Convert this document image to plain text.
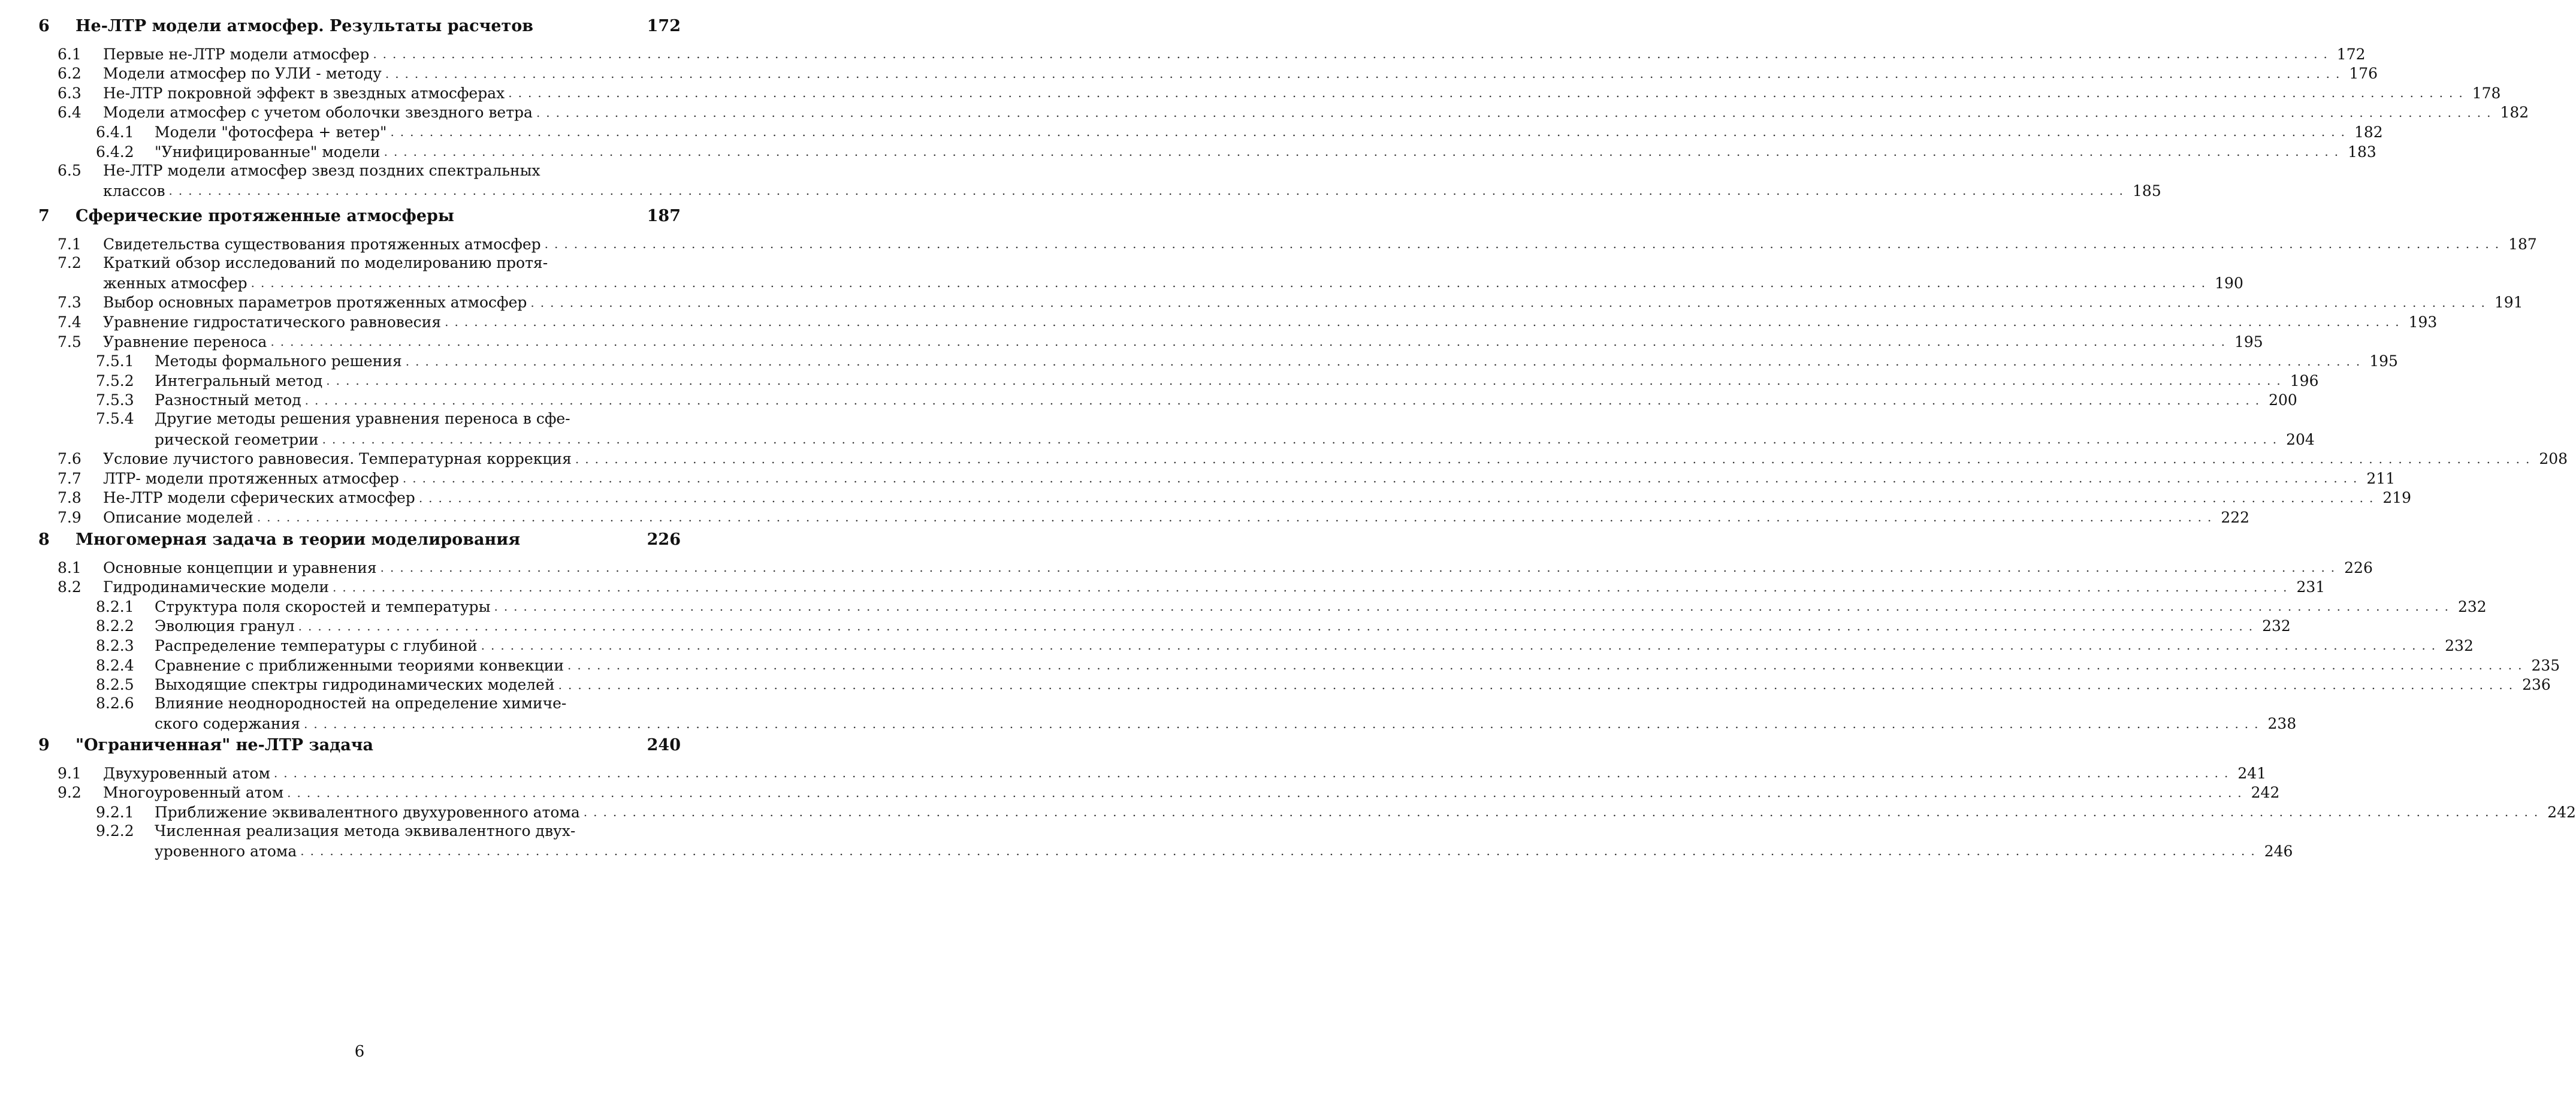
6	Не-ЛТР модели атмосфер. Результаты расчетов	172
6.1	Первые не-ЛТР модели атмосфер ........................................................................................................................................................................................................ 172
6.2	Модели атмосфер по УЛИ - методу ........................................................................................................................................................................................................ 176
6.3	Не-ЛТР покровной эффект в звездных атмосферах ........................................................................................................................................................................................................ 178
6.4	Модели атмосфер с учетом оболочки звездного ветра ........................................................................................................................................................................................................ 182
6.4.1	Модели "фотосфера + ветер" ........................................................................................................................................................................................................ 182
6.4.2	"Унифицированные" модели ........................................................................................................................................................................................................ 183
6.5 Не-ЛТР модели атмосфер звезд поздних спектральных
классов ........................................................................................................................................................................................................ 185
7	Сферические протяженные атмосферы	187
7.1	Свидетельства существования протяженных атмосфер ........................................................................................................................................................................................................ 187
7.2 Краткий обзор исследований по моделированию протя-
женных атмосфер ........................................................................................................................................................................................................ 190
7.3	Выбор основных параметров протяженных атмосфер ........................................................................................................................................................................................................ 191
7.4	Уравнение гидростатического равновесия ........................................................................................................................................................................................................ 193
7.5	Уравнение переноса ........................................................................................................................................................................................................ 195
7.5.1	Методы формального решения ........................................................................................................................................................................................................ 195
7.5.2	Интегральный метод ........................................................................................................................................................................................................ 196
7.5.3	Разностный метод ........................................................................................................................................................................................................ 200
7.5.4 Другие методы решения уравнения переноса в сфе-
рической геометрии ........................................................................................................................................................................................................ 204
7.6	Условие лучистого равновесия. Температурная коррекция ........................................................................................................................................................................................................ 208
7.7	ЛТР- модели протяженных атмосфер ........................................................................................................................................................................................................ 211
7.8	Не-ЛТР модели сферических атмосфер ........................................................................................................................................................................................................ 219
7.9	Описание моделей ........................................................................................................................................................................................................ 222
8	Многомерная задача в теории моделирования	226
8.1	Основные концепции и уравнения ........................................................................................................................................................................................................ 226
8.2	Гидродинамические модели ........................................................................................................................................................................................................ 231
8.2.1	Структура поля скоростей и температуры ........................................................................................................................................................................................................ 232
8.2.2	Эволюция гранул ........................................................................................................................................................................................................ 232
8.2.3	Распределение температуры с глубиной ........................................................................................................................................................................................................ 232
8.2.4	Сравнение с приближенными теориями конвекции ........................................................................................................................................................................................................ 235
8.2.5	Выходящие спектры гидродинамических моделей ........................................................................................................................................................................................................ 236
8.2.6 Влияние неоднородностей на определение химиче-
ского содержания ........................................................................................................................................................................................................ 238
9	"Ограниченная" не-ЛТР задача	240
9.1	Двухуровенный атом ........................................................................................................................................................................................................ 241
9.2	Многоуровенный атом ........................................................................................................................................................................................................ 242
9.2.1	Приближение эквивалентного двухуровенного атома ........................................................................................................................................................................................................ 242
9.2.2 Численная реализация метода эквивалентного двух-
уровенного атома ........................................................................................................................................................................................................ 246
6
